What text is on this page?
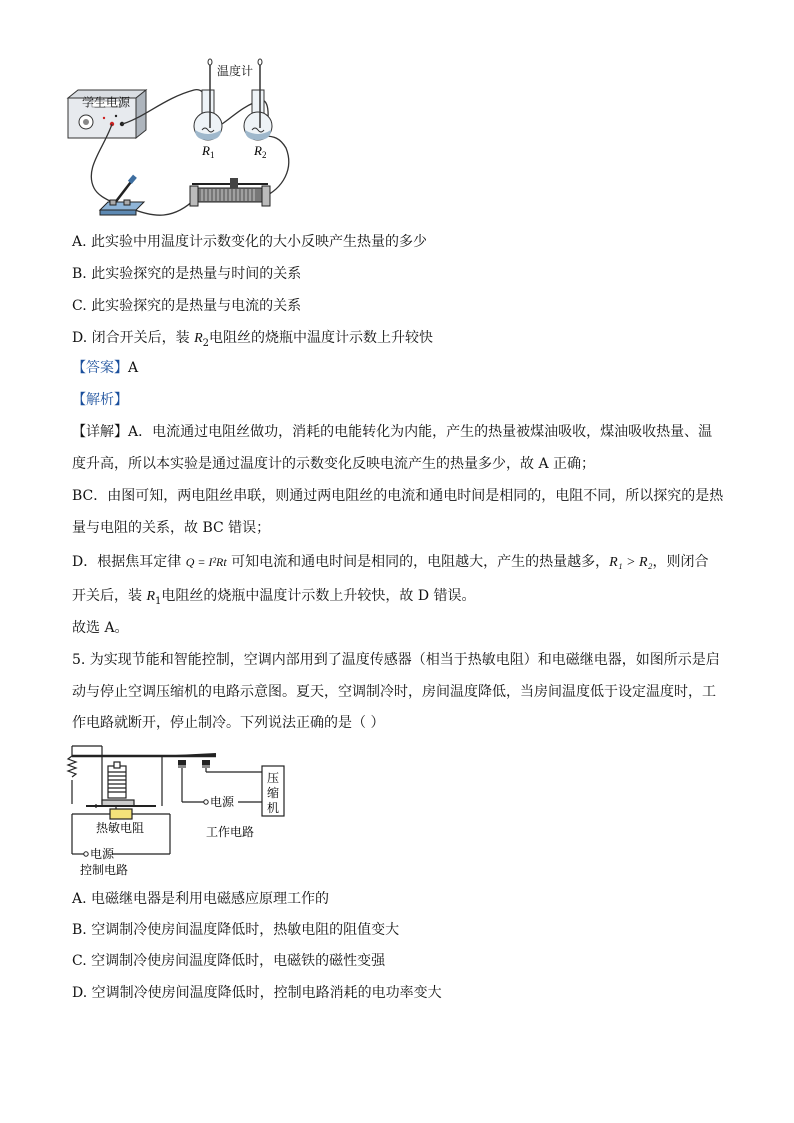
学生电源
温度计
$R_1$	$R_2$
A. 此实验中用温度计示数变化的大小反映产生热量的多少
B. 此实验探究的是热量与时间的关系
C. 此实验探究的是热量与电流的关系
D. 闭合开关后，装 $R_2$电阻丝的烧瓶中温度计示数上升较快
【答案】A
【解析】
【详解】A．电流通过电阻丝做功，消耗的电能转化为内能，产生的热量被煤油吸收，煤油吸收热量、温
度升高，所以本实验是通过温度计的示数变化反映电流产生的热量多少，故 A 正确；
BC．由图可知，两电阻丝串联，则通过两电阻丝的电流和通电时间是相同的，电阻不同，所以探究的是热
量与电阻的关系，故 BC 错误；
D．根据焦耳定律 Q = I²Rt 可知电流和通电时间是相同的，电阻越大，产生的热量越多，R₁ > R₂，则闭合
开关后，装 $R_1$电阻丝的烧瓶中温度计示数上升较快，故 D 错误。
故选 A。
5. 为实现节能和智能控制，空调内部用到了温度传感器（相当于热敏电阻）和电磁继电器，如图所示是启
动与停止空调压缩机的电路示意图。夏天，空调制冷时，房间温度降低，当房间温度低于设定温度时，工
作电路就断开，停止制冷。下列说法正确的是（ ）
压
缩
机
热敏电阻
电源
控制电路
电源
工作电路
A. 电磁继电器是利用电磁感应原理工作的
B. 空调制冷使房间温度降低时，热敏电阻的阻值变大
C. 空调制冷使房间温度降低时，电磁铁的磁性变强
D. 空调制冷使房间温度降低时，控制电路消耗的电功率变大
